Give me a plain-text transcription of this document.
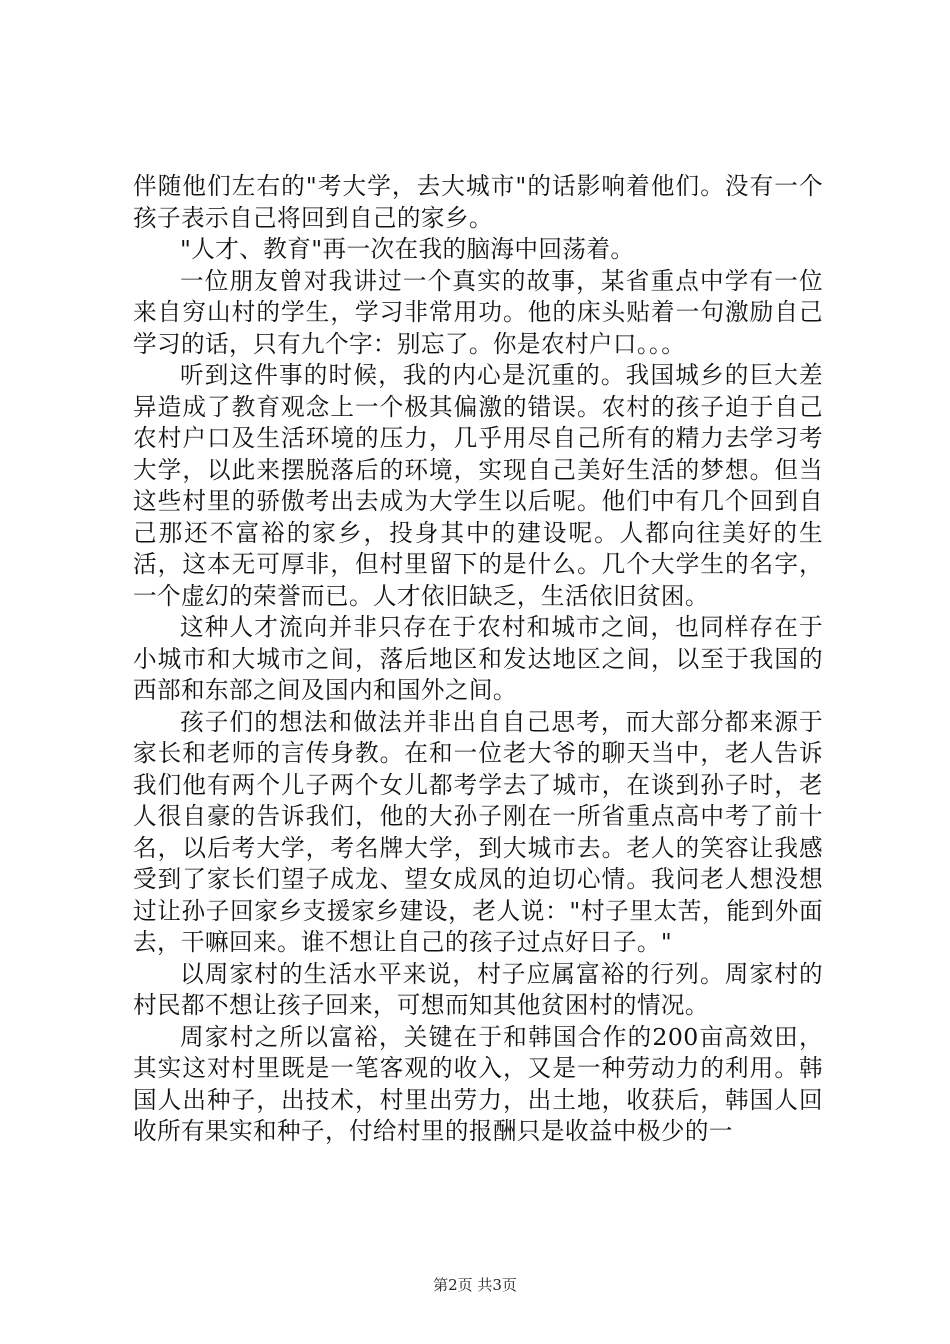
伴随他们左右的"考大学，去大城市"的话影响着他们。没有一个孩子表示自己将回到自己的家乡。

"人才、教育"再一次在我的脑海中回荡着。

一位朋友曾对我讲过一个真实的故事，某省重点中学有一位来自穷山村的学生，学习非常用功。他的床头贴着一句激励自己学习的话，只有九个字：别忘了。你是农村户口。。。

听到这件事的时候，我的内心是沉重的。我国城乡的巨大差异造成了教育观念上一个极其偏激的错误。农村的孩子迫于自己农村户口及生活环境的压力，几乎用尽自己所有的精力去学习考大学，以此来摆脱落后的环境，实现自己美好生活的梦想。但当这些村里的骄傲考出去成为大学生以后呢。他们中有几个回到自己那还不富裕的家乡，投身其中的建设呢。人都向往美好的生活，这本无可厚非，但村里留下的是什么。几个大学生的名字，一个虚幻的荣誉而已。人才依旧缺乏，生活依旧贫困。

这种人才流向并非只存在于农村和城市之间，也同样存在于小城市和大城市之间，落后地区和发达地区之间，以至于我国的西部和东部之间及国内和国外之间。

孩子们的想法和做法并非出自自己思考，而大部分都来源于家长和老师的言传身教。在和一位老大爷的聊天当中，老人告诉我们他有两个儿子两个女儿都考学去了城市，在谈到孙子时，老人很自豪的告诉我们，他的大孙子刚在一所省重点高中考了前十名，以后考大学，考名牌大学，到大城市去。老人的笑容让我感受到了家长们望子成龙、望女成凤的迫切心情。我问老人想没想过让孙子回家乡支援家乡建设，老人说："村子里太苦，能到外面去，干嘛回来。谁不想让自己的孩子过点好日子。"

以周家村的生活水平来说，村子应属富裕的行列。周家村的村民都不想让孩子回来，可想而知其他贫困村的情况。

周家村之所以富裕，关键在于和韩国合作的200亩高效田，其实这对村里既是一笔客观的收入，又是一种劳动力的利用。韩国人出种子，出技术，村里出劳力，出土地，收获后，韩国人回收所有果实和种子，付给村里的报酬只是收益中极少的一

第2页 共3页
